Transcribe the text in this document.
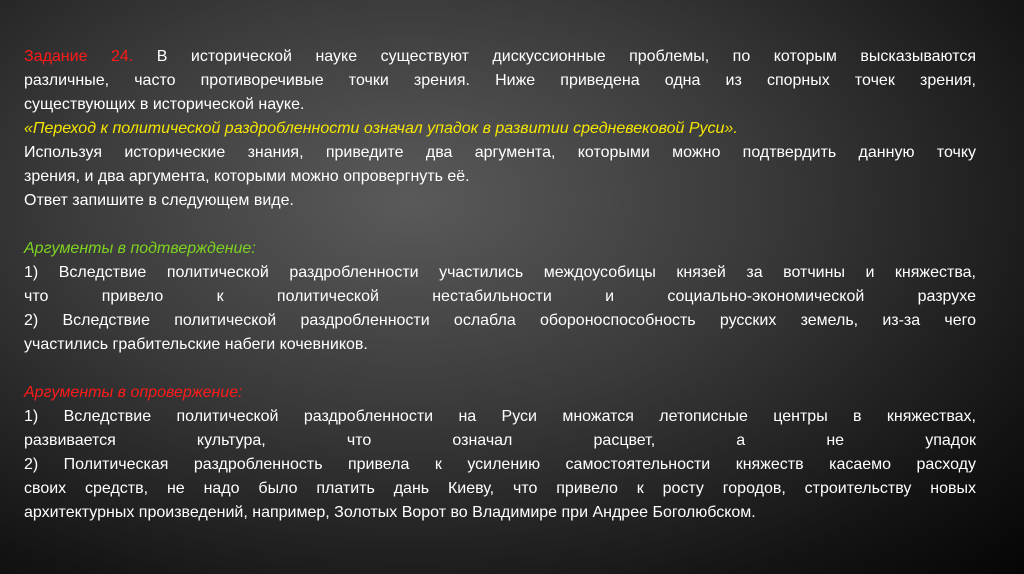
Задание 24. В исторической науке существуют дискуссионные проблемы, по которым высказываются
различные, часто противоречивые точки зрения. Ниже приведена одна из спорных точек зрения,
существующих в исторической науке.
«Переход к политической раздробленности означал упадок в развитии средневековой Руси».
Используя исторические знания, приведите два аргумента, которыми можно подтвердить данную точку
зрения, и два аргумента, которыми можно опровергнуть её.
Ответ запишите в следующем виде.
Аргументы в подтверждение:
1) Вследствие политической раздробленности участились междоусобицы князей за вотчины и княжества,
что привело к политической нестабильности и социально-экономической разрухе
2) Вследствие политической раздробленности ослабла обороноспособность русских земель, из-за чего
участились грабительские набеги кочевников.
Аргументы в опровержение:
1) Вследствие политической раздробленности на Руси множатся летописные центры в княжествах,
развивается культура, что означал расцвет, а не упадок
2) Политическая раздробленность привела к усилению самостоятельности княжеств касаемо расходу
своих средств, не надо было платить дань Киеву, что привело к росту городов, строительству новых
архитектурных произведений, например, Золотых Ворот во Владимире при Андрее Боголюбском.
